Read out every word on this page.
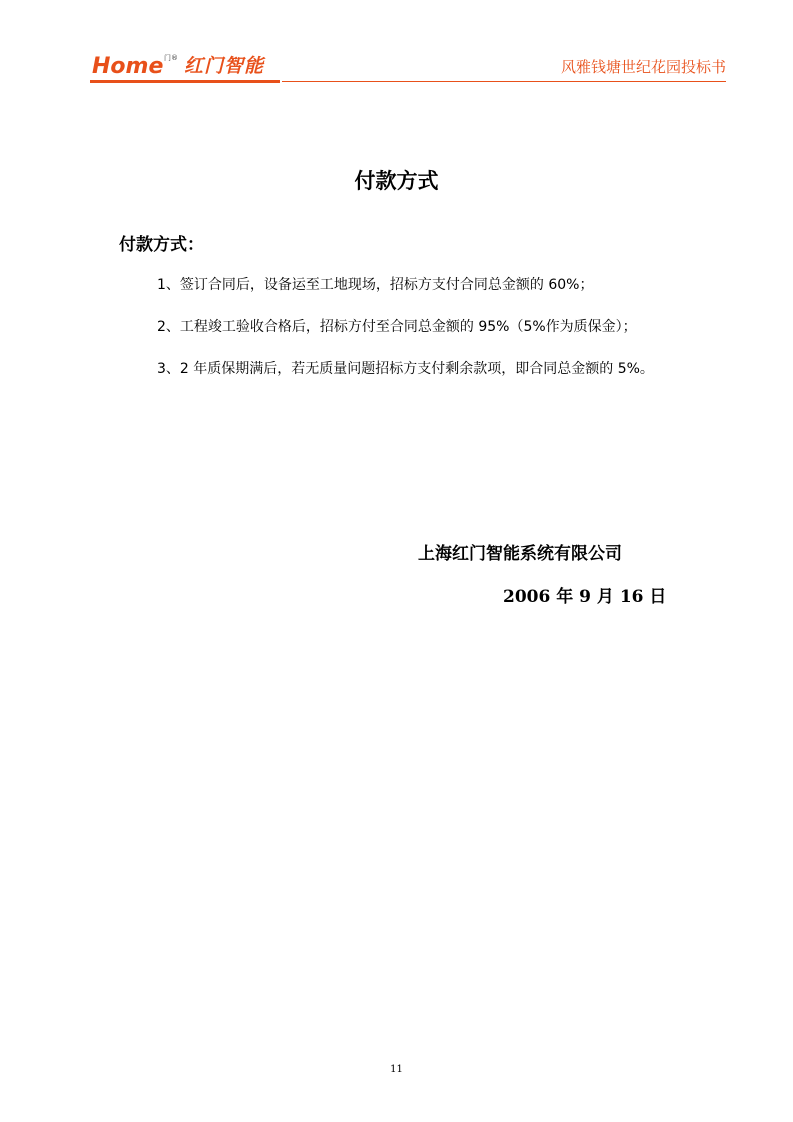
Home 门® 红门智能	风雅钱塘世纪花园投标书
付款方式
付款方式：
1、签订合同后，设备运至工地现场，招标方支付合同总金额的 60%；
2、工程竣工验收合格后，招标方付至合同总金额的 95%（5%作为质保金）；
3、2 年质保期满后，若无质量问题招标方支付剩余款项，即合同总金额的 5%。
上海红门智能系统有限公司
2006 年 9 月 16 日
11
